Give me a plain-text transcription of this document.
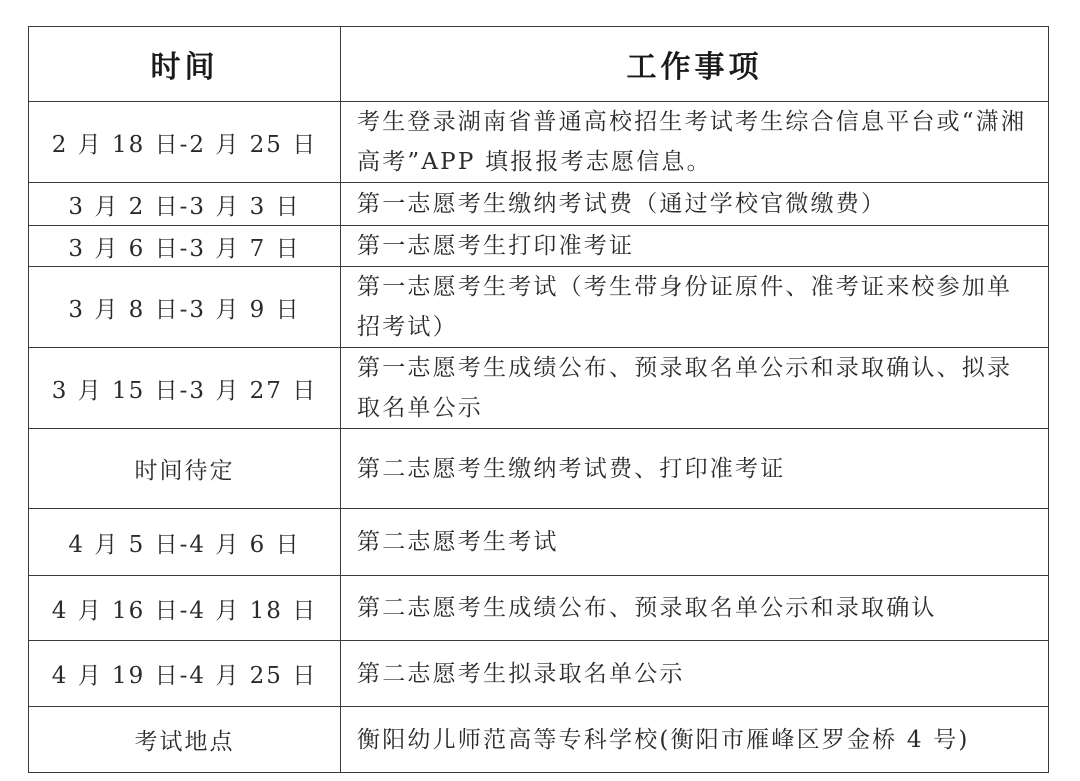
时间	工作事项
2 月 18 日-2 月 25 日	考生登录湖南省普通高校招生考试考生综合信息平台或“潇湘高考”APP 填报报考志愿信息。
3 月 2 日-3 月 3 日	第一志愿考生缴纳考试费（通过学校官微缴费）
3 月 6 日-3 月 7 日	第一志愿考生打印准考证
3 月 8 日-3 月 9 日	第一志愿考生考试（考生带身份证原件、准考证来校参加单招考试）
3 月 15 日-3 月 27 日	第一志愿考生成绩公布、预录取名单公示和录取确认、拟录取名单公示
时间待定	第二志愿考生缴纳考试费、打印准考证
4 月 5 日-4 月 6 日	第二志愿考生考试
4 月 16 日-4 月 18 日	第二志愿考生成绩公布、预录取名单公示和录取确认
4 月 19 日-4 月 25 日	第二志愿考生拟录取名单公示
考试地点	衡阳幼儿师范高等专科学校(衡阳市雁峰区罗金桥 4 号)
